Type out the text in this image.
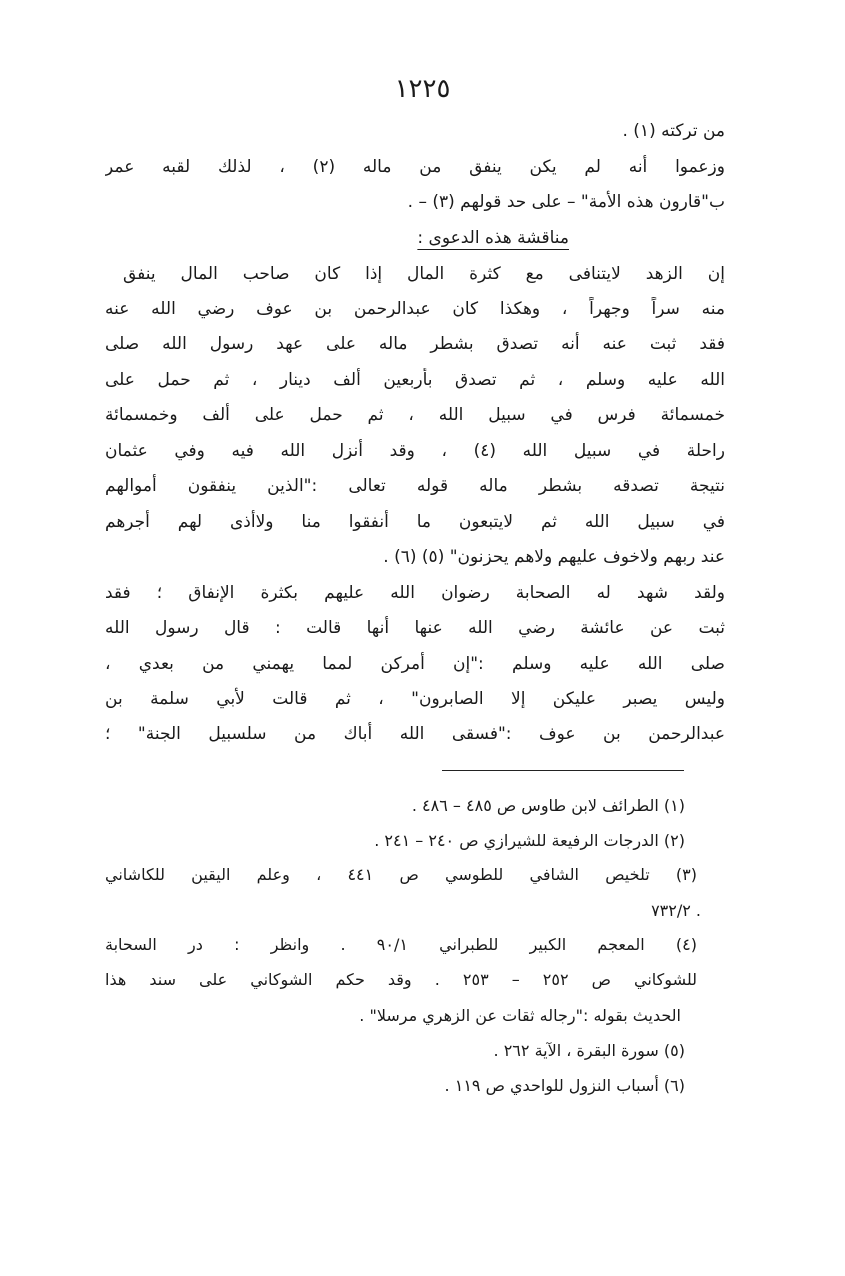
١٢٢٥
من تركته (١) .
وزعموا أنه لم يكن ينفق من ماله (٢) ، لذلك لقبه عمر
ب"قارون هذه الأمة" – على حد قولهم (٣) – .
مناقشة هذه الدعوى :
إن الزهد لايتنافى مع كثرة المال إذا كان صاحب المال ينفق
منه سراً وجهراً ، وهكذا كان عبدالرحمن بن عوف رضي الله عنه
فقد ثبت عنه أنه تصدق بشطر ماله على عهد رسول الله صلى
الله عليه وسلم ، ثم تصدق بأربعين ألف دينار ، ثم حمل على
خمسمائة فرس في سبيل الله ، ثم حمل على ألف وخمسمائة
راحلة في سبيل الله (٤) ، وقد أنزل الله فيه وفي عثمان
نتيجة تصدقه بشطر ماله قوله تعالى :"الذين ينفقون أموالهم
في سبيل الله ثم لايتبعون ما أنفقوا منا ولاأذى لهم أجرهم
عند ربهم ولاخوف عليهم ولاهم يحزنون" (٥) (٦) .
ولقد شهد له الصحابة رضوان الله عليهم بكثرة الإنفاق ؛ فقد
ثبت عن عائشة رضي الله عنها أنها قالت : قال رسول الله
صلى الله عليه وسلم :"إن أمركن لمما يهمني من بعدي ،
وليس يصبر عليكن إلا الصابرون" ، ثم قالت لأبي سلمة بن
عبدالرحمن بن عوف :"فسقى الله أباك من سلسبيل الجنة" ؛
(١) الطرائف لابن طاوس ص ٤٨٥ – ٤٨٦ .
(٢) الدرجات الرفيعة للشيرازي ص ٢٤٠ – ٢٤١ .
(٣) تلخيص الشافي للطوسي ص ٤٤١ ، وعلم اليقين للكاشاني
. ٧٣٢/٢
(٤) المعجم الكبير للطبراني ٩٠/١ . وانظر : در السحابة
للشوكاني ص ٢٥٢ – ٢٥٣ . وقد حكم الشوكاني على سند هذا
الحديث بقوله :"رجاله ثقات عن الزهري مرسلا" .
(٥) سورة البقرة ، الآية ٢٦٢ .
(٦) أسباب النزول للواحدي ص ١١٩ .
